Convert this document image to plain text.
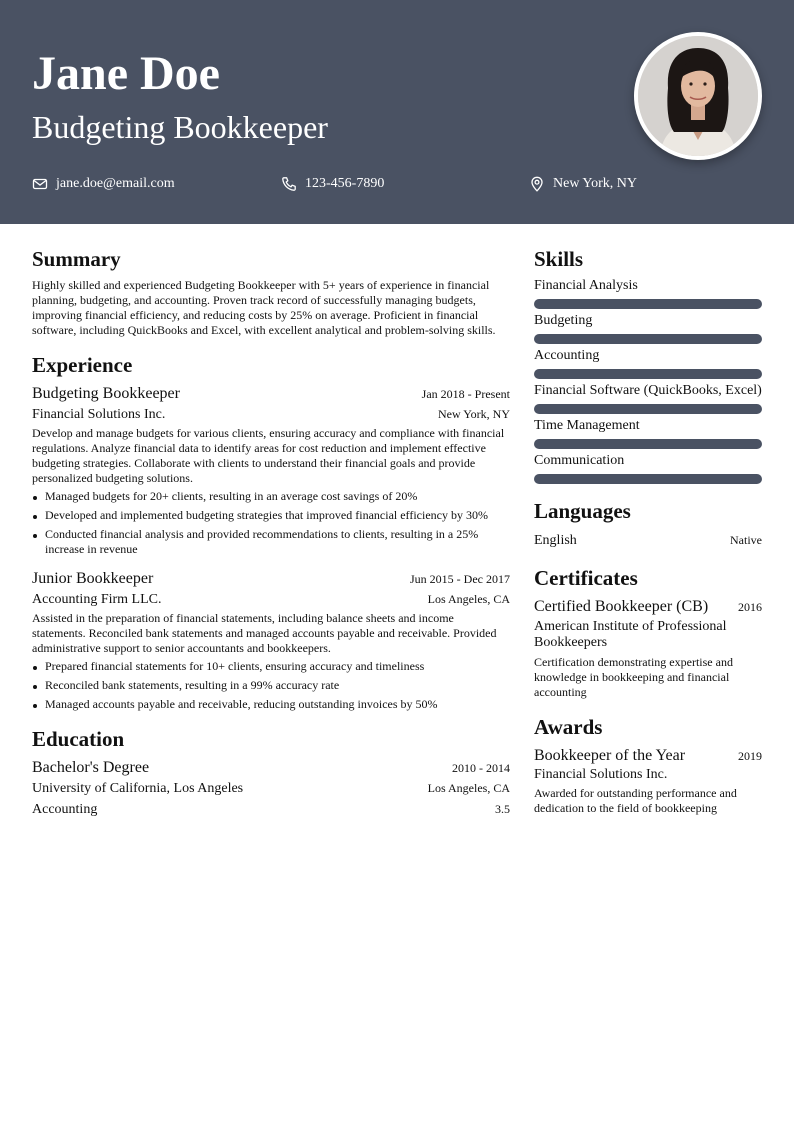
Jane Doe
Budgeting Bookkeeper
jane.doe@email.com	123-456-7890	New York, NY
Summary

Highly skilled and experienced Budgeting Bookkeeper with 5+ years of experience in financial planning, budgeting, and accounting. Proven track record of successfully managing budgets, improving financial efficiency, and reducing costs by 25% on average. Proficient in financial software, including QuickBooks and Excel, with excellent analytical and problem-solving skills.

Experience
Budgeting Bookkeeper	Jan 2018 - Present
Financial Solutions Inc.	New York, NY

Develop and manage budgets for various clients, ensuring accuracy and compliance with financial regulations. Analyze financial data to identify areas for cost reduction and implement effective budgeting strategies. Collaborate with clients to understand their financial goals and provide personalized budgeting solutions.

Managed budgets for 20+ clients, resulting in an average cost savings of 20%
Developed and implemented budgeting strategies that improved financial efficiency by 30%
Conducted financial analysis and provided recommendations to clients, resulting in a 25% increase in revenue
Junior Bookkeeper	Jun 2015 - Dec 2017
Accounting Firm LLC.	Los Angeles, CA

Assisted in the preparation of financial statements, including balance sheets and income statements. Reconciled bank statements and managed accounts payable and receivable. Provided administrative support to senior accountants and bookkeepers.

Prepared financial statements for 10+ clients, ensuring accuracy and timeliness
Reconciled bank statements, resulting in a 99% accuracy rate
Managed accounts payable and receivable, reducing outstanding invoices by 50%
Education
Bachelor's Degree	2010 - 2014
University of California, Los Angeles	Los Angeles, CA
Accounting	3.5
Skills
Financial Analysis
Budgeting
Accounting
Financial Software (QuickBooks, Excel)
Time Management
Communication
Languages
English	Native
Certificates
Certified Bookkeeper (CB) 2016
American Institute of Professional Bookkeepers

Certification demonstrating expertise and knowledge in bookkeeping and financial accounting

Awards
Bookkeeper of the Year	2019
Financial Solutions Inc.

Awarded for outstanding performance and dedication to the field of bookkeeping
